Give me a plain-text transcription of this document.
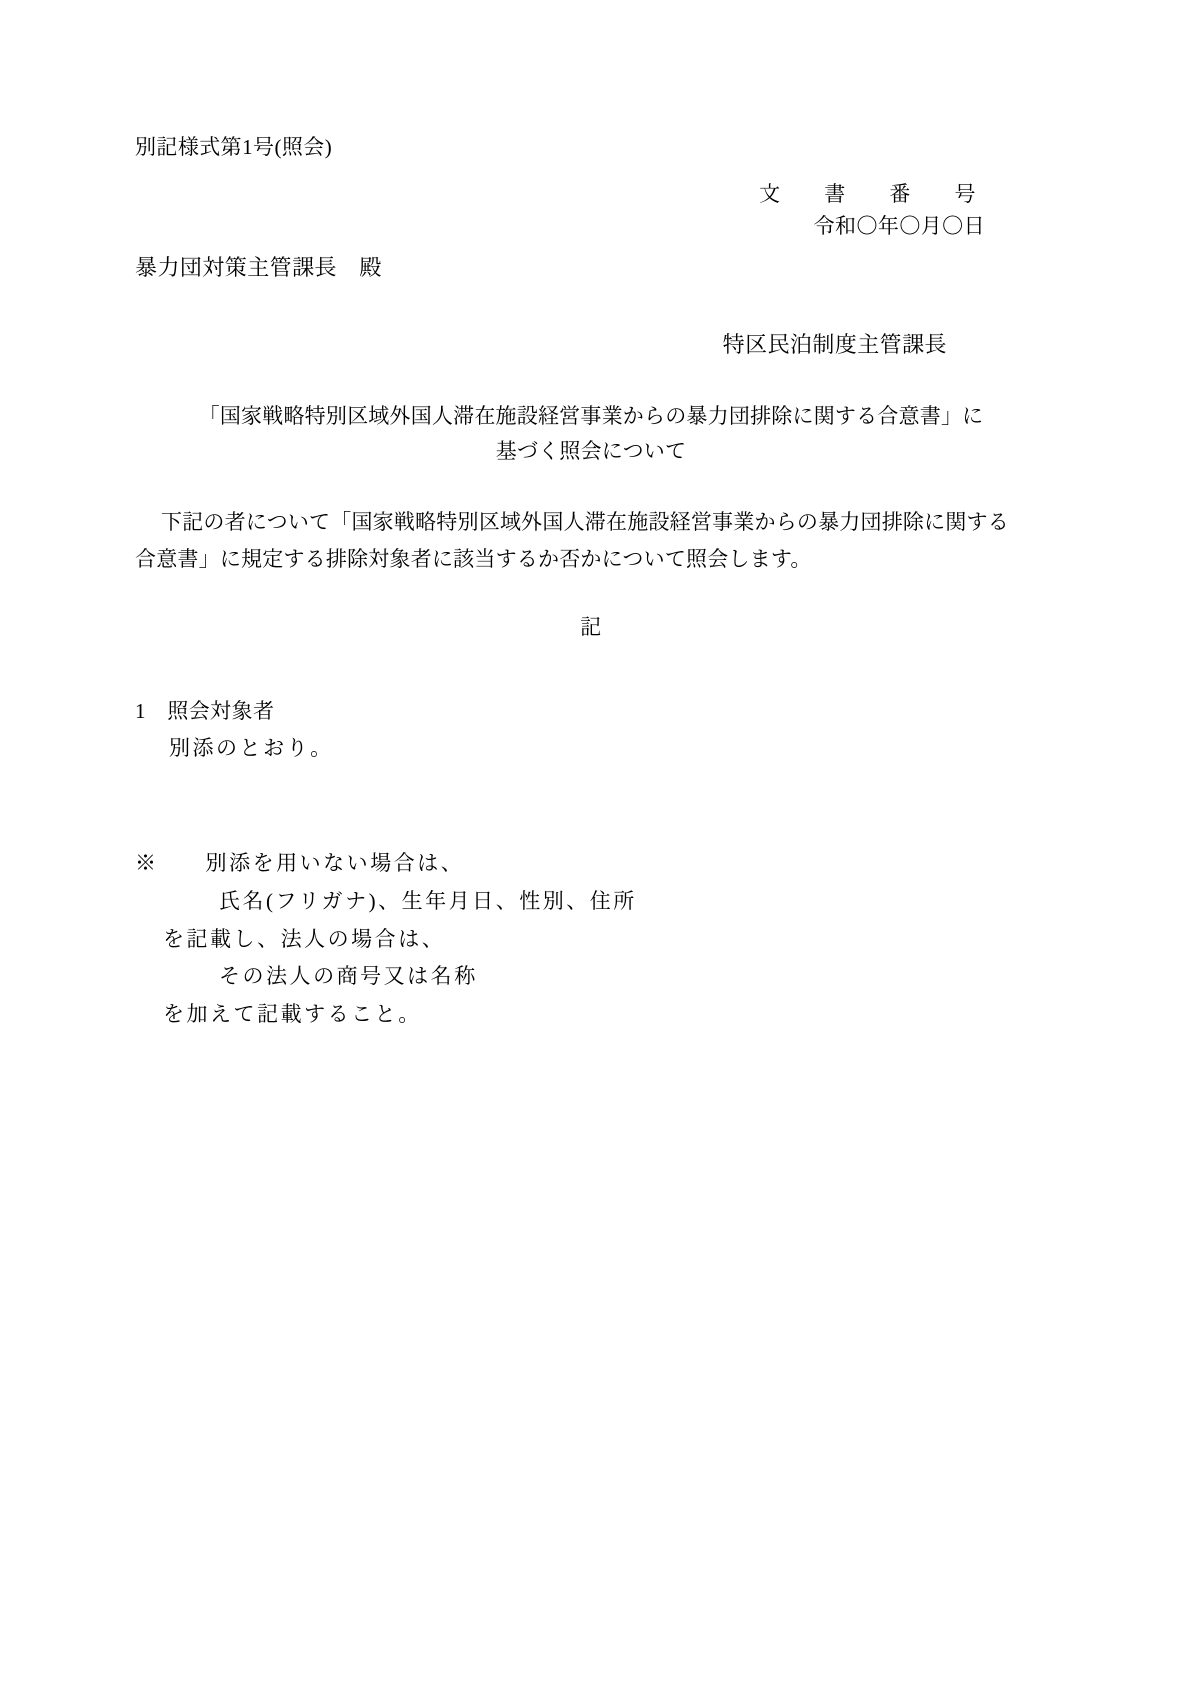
別記様式第1号(照会)
文　書　番　号
令和〇年〇月〇日
暴力団対策主管課長　殿
特区民泊制度主管課長
「国家戦略特別区域外国人滞在施設経営事業からの暴力団排除に関する合意書」に
基づく照会について
下記の者について「国家戦略特別区域外国人滞在施設経営事業からの暴力団排除に関する
合意書」に規定する排除対象者に該当するか否かについて照会します。
記
1　照会対象者
別添のとおり。
※　　別添を用いない場合は、
氏名(フリガナ)、生年月日、性別、住所
を記載し、法人の場合は、
その法人の商号又は名称
を加えて記載すること。
